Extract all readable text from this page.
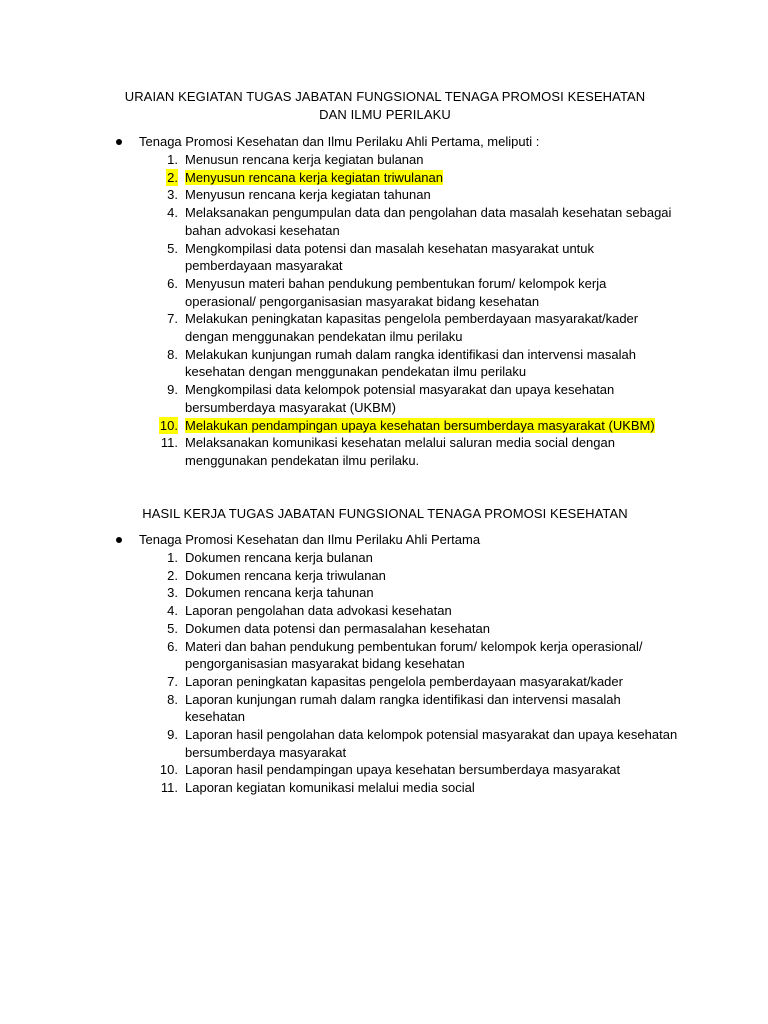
URAIAN KEGIATAN TUGAS JABATAN FUNGSIONAL TENAGA PROMOSI KESEHATAN DAN ILMU PERILAKU
Tenaga Promosi Kesehatan dan Ilmu Perilaku Ahli Pertama, meliputi :
1. Menusun rencana kerja kegiatan bulanan
2. Menyusun rencana kerja kegiatan triwulanan
3. Menyusun rencana kerja kegiatan tahunan
4. Melaksanakan pengumpulan data dan pengolahan data masalah kesehatan sebagai bahan advokasi kesehatan
5. Mengkompilasi data potensi dan masalah kesehatan masyarakat untuk pemberdayaan masyarakat
6. Menyusun materi bahan pendukung pembentukan forum/ kelompok kerja operasional/ pengorganisasian masyarakat bidang kesehatan
7. Melakukan peningkatan kapasitas pengelola pemberdayaan masyarakat/kader dengan menggunakan pendekatan ilmu perilaku
8. Melakukan kunjungan rumah dalam rangka identifikasi dan intervensi masalah kesehatan dengan menggunakan pendekatan ilmu perilaku
9. Mengkompilasi data kelompok potensial masyarakat dan upaya kesehatan bersumberdaya masyarakat (UKBM)
10. Melakukan pendampingan upaya kesehatan bersumberdaya masyarakat (UKBM)
11. Melaksanakan komunikasi kesehatan melalui saluran media social dengan menggunakan pendekatan ilmu perilaku.
HASIL KERJA TUGAS JABATAN FUNGSIONAL TENAGA PROMOSI KESEHATAN
Tenaga Promosi Kesehatan dan Ilmu Perilaku Ahli Pertama
1. Dokumen rencana kerja bulanan
2. Dokumen rencana kerja triwulanan
3. Dokumen rencana kerja tahunan
4. Laporan pengolahan data advokasi kesehatan
5. Dokumen data potensi dan permasalahan kesehatan
6. Materi dan bahan pendukung pembentukan forum/ kelompok kerja operasional/ pengorganisasian masyarakat bidang kesehatan
7. Laporan peningkatan kapasitas pengelola pemberdayaan masyarakat/kader
8. Laporan kunjungan rumah dalam rangka identifikasi dan intervensi masalah kesehatan
9. Laporan hasil pengolahan data kelompok potensial masyarakat dan upaya kesehatan bersumberdaya masyarakat
10. Laporan hasil pendampingan upaya kesehatan bersumberdaya masyarakat
11. Laporan kegiatan komunikasi melalui media social
